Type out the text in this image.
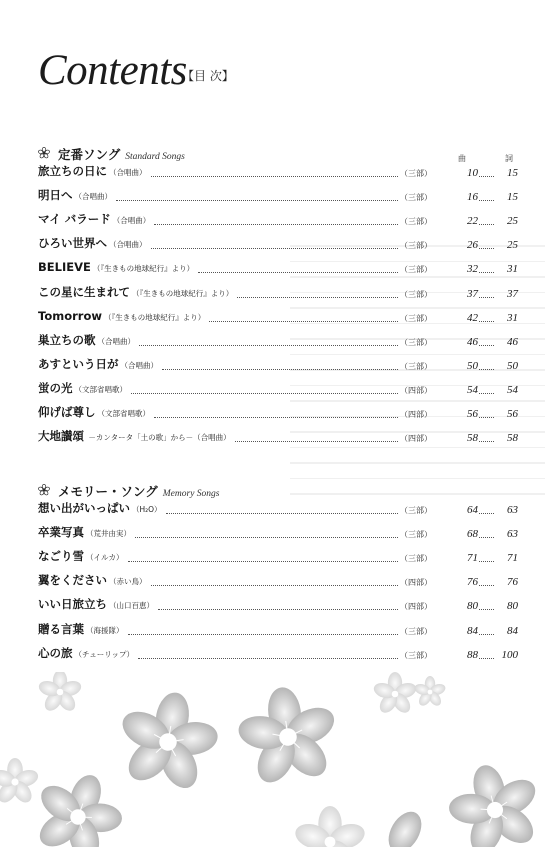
Contents
【目 次】
曲	詞
定番ソング Standard Songs
旅立ちの日に （合唱曲）	（三部）	10	15
明日へ （合唱曲）	（三部）	16	15
マイ バラード （合唱曲）	（三部）	22	25
ひろい世界へ （合唱曲）	（三部）	26	25
BELIEVE （『生きもの地球紀行』より）	（三部）	32	31
この星に生まれて （『生きもの地球紀行』より）	（三部）	37	37
Tomorrow （『生きもの地球紀行』より）	（三部）	42	31
巣立ちの歌 （合唱曲）	（三部）	46	46
あすという日が （合唱曲）	（三部）	50	50
蛍の光 （文部省唱歌）	（四部）	54	54
仰げば尊し （文部省唱歌）	（四部）	56	56
大地讃頌 －カンタータ「土の歌」から－（合唱曲）	（四部）	58	58
メモリー・ソング Memory Songs
想い出がいっぱい （H₂O）	（三部）	64	63
卒業写真 （荒井由実）	（三部）	68	63
なごり雪 （イルカ）	（三部）	71	71
翼をください （赤い鳥）	（四部）	76	76
いい日旅立ち （山口百恵）	（四部）	80	80
贈る言葉 （海援隊）	（三部）	84	84
心の旅 （チューリップ）	（三部）	88	100
